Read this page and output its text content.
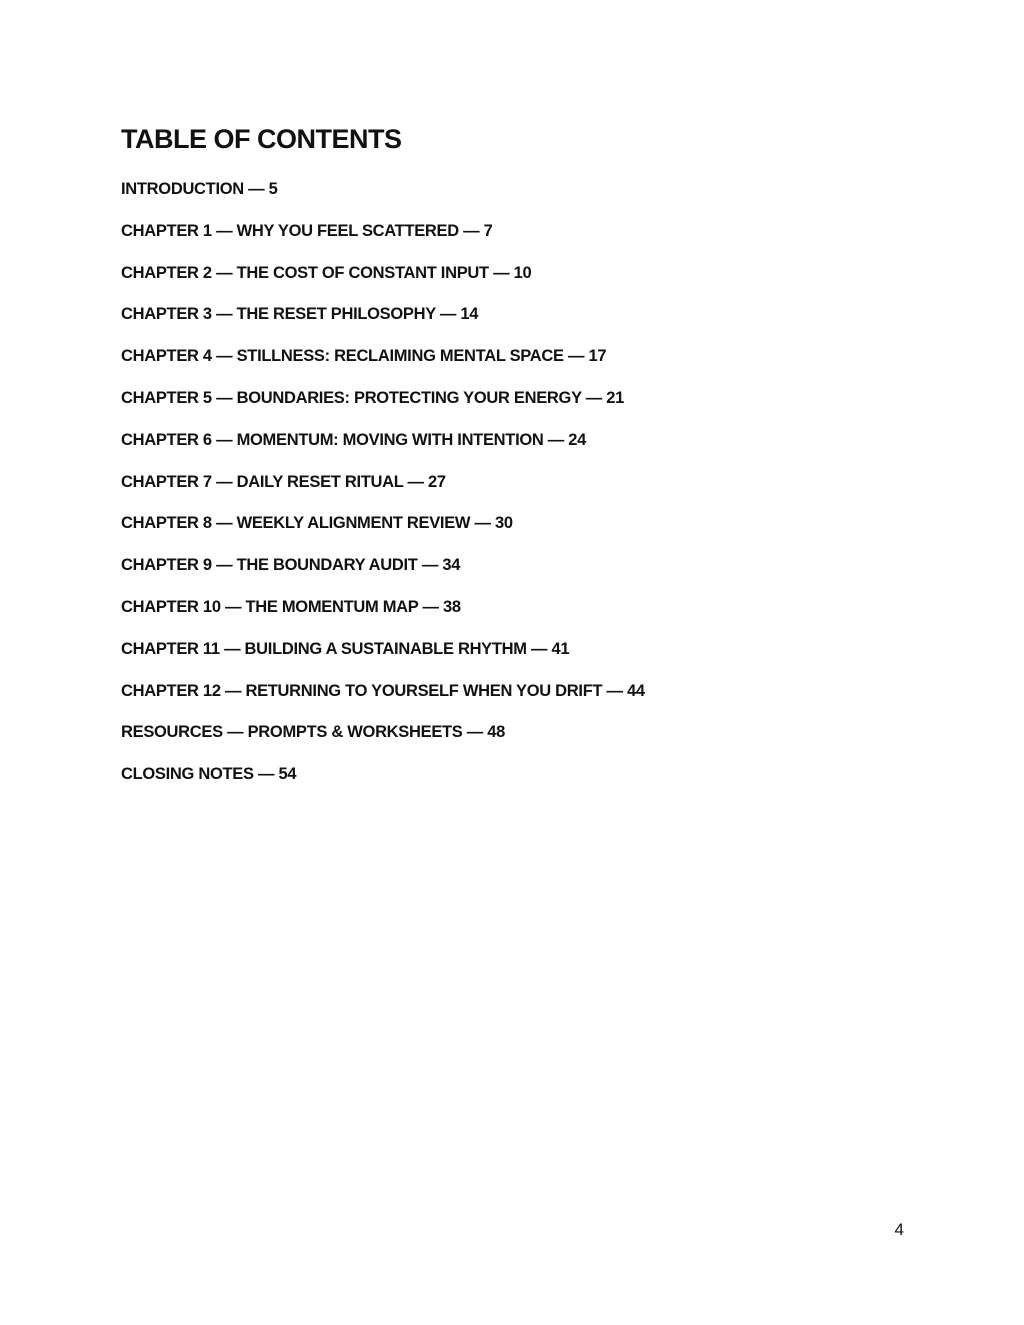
TABLE OF CONTENTS
INTRODUCTION — 5
CHAPTER 1 — WHY YOU FEEL SCATTERED — 7
CHAPTER 2 — THE COST OF CONSTANT INPUT — 10
CHAPTER 3 — THE RESET PHILOSOPHY — 14
CHAPTER 4 — STILLNESS: RECLAIMING MENTAL SPACE — 17
CHAPTER 5 — BOUNDARIES: PROTECTING YOUR ENERGY — 21
CHAPTER 6 — MOMENTUM: MOVING WITH INTENTION — 24
CHAPTER 7 — DAILY RESET RITUAL — 27
CHAPTER 8 — WEEKLY ALIGNMENT REVIEW — 30
CHAPTER 9 — THE BOUNDARY AUDIT — 34
CHAPTER 10 — THE MOMENTUM MAP — 38
CHAPTER 11 — BUILDING A SUSTAINABLE RHYTHM — 41
CHAPTER 12 — RETURNING TO YOURSELF WHEN YOU DRIFT — 44
RESOURCES — PROMPTS & WORKSHEETS — 48
CLOSING NOTES — 54
4
